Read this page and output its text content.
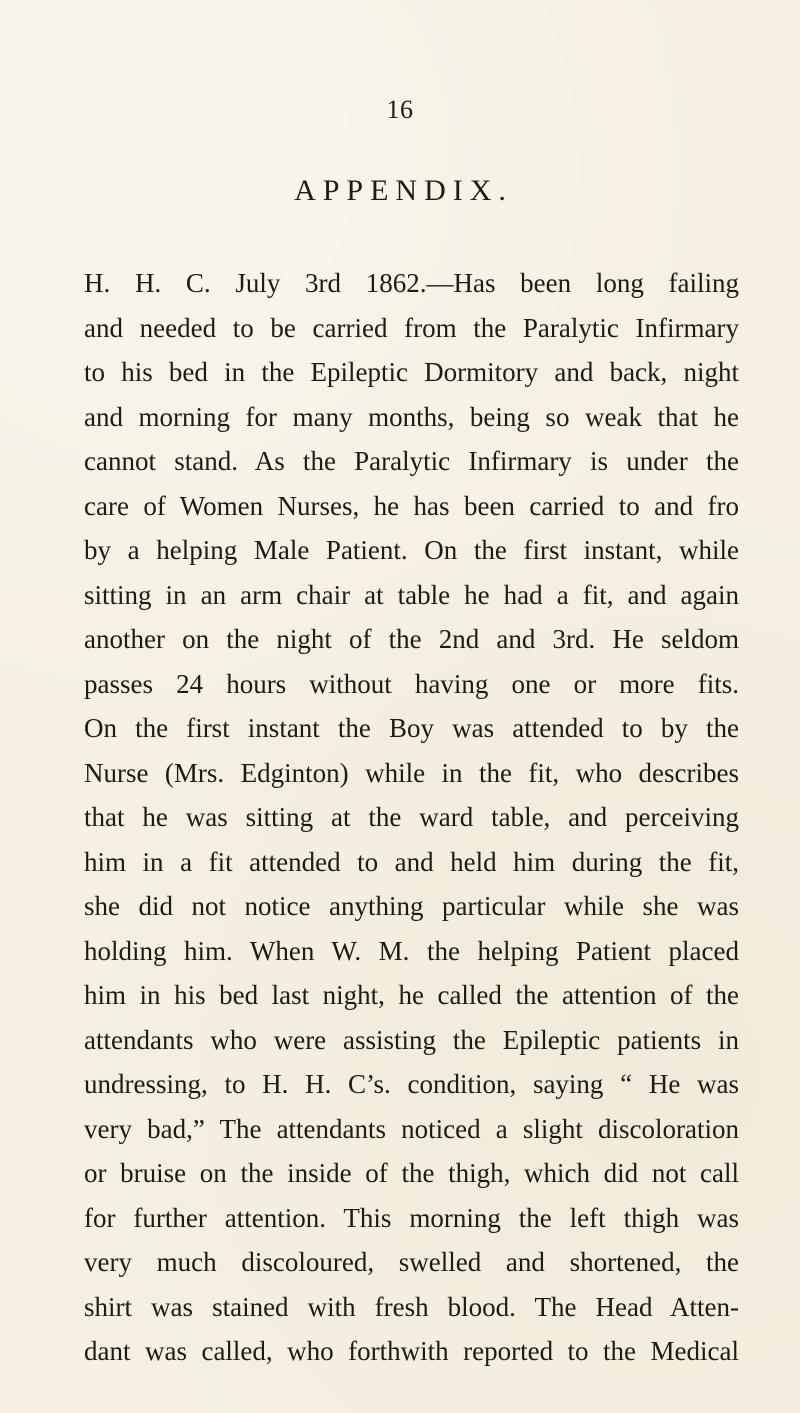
16
APPENDIX.
H. H. C. July 3rd 1862.—Has been long failing
and needed to be carried from the Paralytic Infirmary
to his bed in the Epileptic Dormitory and back, night
and morning for many months, being so weak that he
cannot stand. As the Paralytic Infirmary is under the
care of Women Nurses, he has been carried to and fro
by a helping Male Patient. On the first instant, while
sitting in an arm chair at table he had a fit, and again
another on the night of the 2nd and 3rd. He seldom
passes 24 hours without having one or more fits.
On the first instant the Boy was attended to by the
Nurse (Mrs. Edginton) while in the fit, who describes
that he was sitting at the ward table, and perceiving
him in a fit attended to and held him during the fit,
she did not notice anything particular while she was
holding him. When W. M. the helping Patient placed
him in his bed last night, he called the attention of the
attendants who were assisting the Epileptic patients in
undressing, to H. H. C’s. condition, saying “ He was
very bad,” The attendants noticed a slight discoloration
or bruise on the inside of the thigh, which did not call
for further attention. This morning the left thigh was
very much discoloured, swelled and shortened, the
shirt was stained with fresh blood. The Head Atten-
dant was called, who forthwith reported to the Medical
